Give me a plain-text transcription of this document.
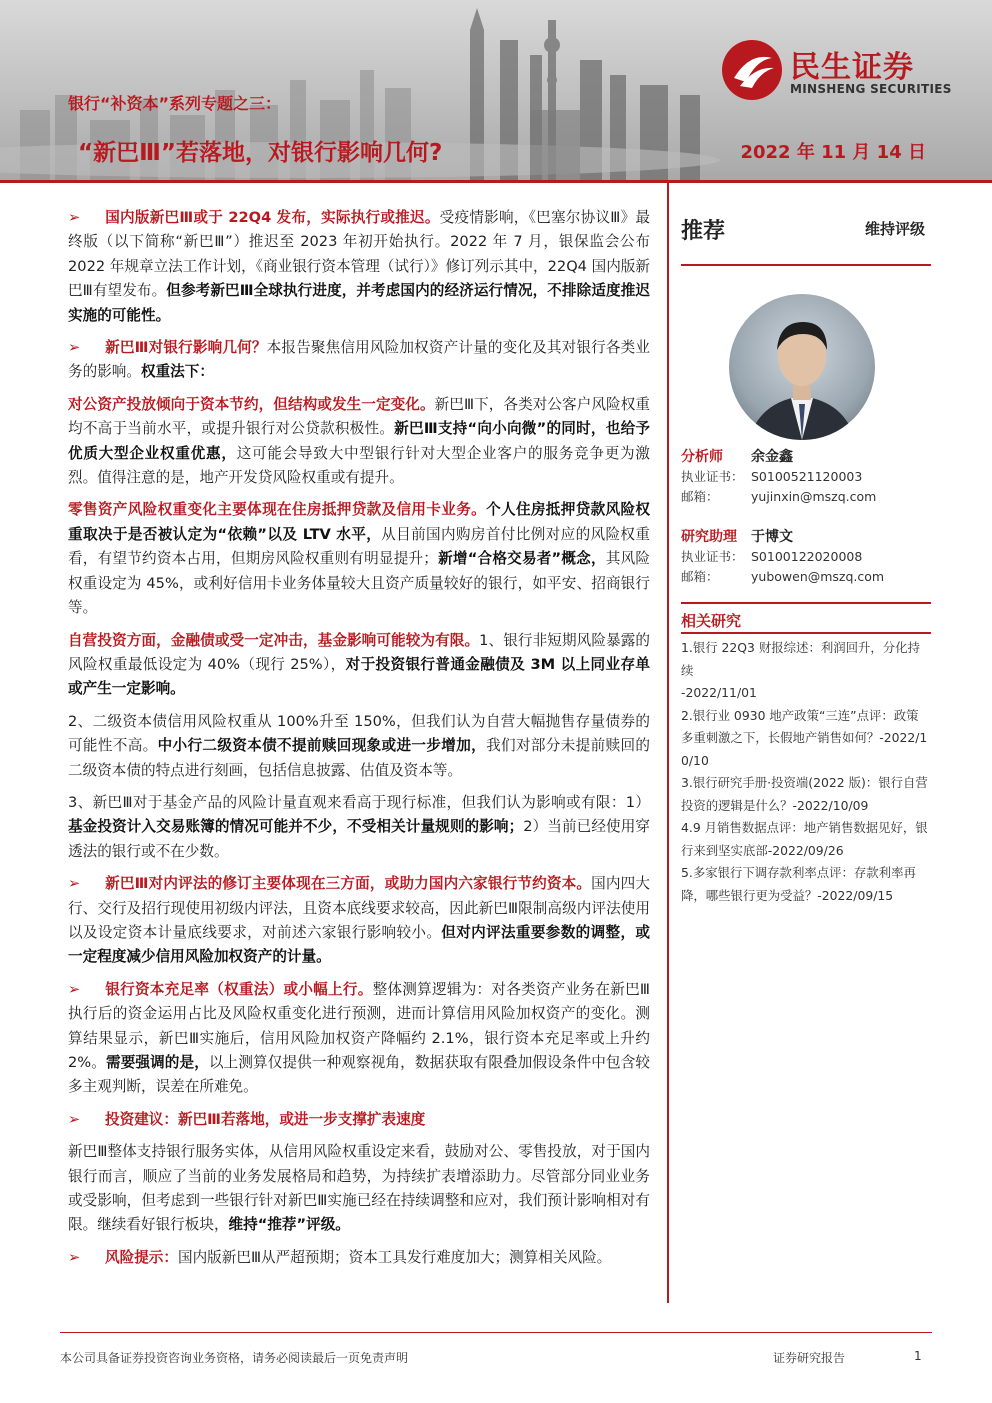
银行“补资本”系列专题之三：
“新巴Ⅲ”若落地，对银行影响几何?	2022 年 11 月 14 日
民生证券
MINSHENG SECURITIES

➢ 国内版新巴Ⅲ或于 22Q4 发布，实际执行或推迟。受疫情影响，《巴塞尔协议Ⅲ》最终版（以下简称“新巴Ⅲ”）推迟至 2023 年初开始执行。2022 年 7 月，银保监会公布 2022 年规章立法工作计划，《商业银行资本管理（试行）》修订列示其中，22Q4 国内版新巴Ⅲ有望发布。但参考新巴Ⅲ全球执行进度，并考虑国内的经济运行情况，不排除适度推迟实施的可能性。

➢ 新巴Ⅲ对银行影响几何？本报告聚焦信用风险加权资产计量的变化及其对银行各类业务的影响。权重法下：

对公资产投放倾向于资本节约，但结构或发生一定变化。新巴Ⅲ下，各类对公客户风险权重均不高于当前水平，或提升银行对公贷款积极性。新巴Ⅲ支持“向小向微”的同时，也给予优质大型企业权重优惠，这可能会导致大中型银行针对大型企业客户的服务竞争更为激烈。值得注意的是，地产开发贷风险权重或有提升。

零售资产风险权重变化主要体现在住房抵押贷款及信用卡业务。个人住房抵押贷款风险权重取决于是否被认定为“依赖”以及 LTV 水平，从目前国内购房首付比例对应的风险权重看，有望节约资本占用，但期房风险权重则有明显提升；新增“合格交易者”概念，其风险权重设定为 45%，或利好信用卡业务体量较大且资产质量较好的银行，如平安、招商银行等。

自营投资方面，金融债或受一定冲击，基金影响可能较为有限。1、银行非短期风险暴露的风险权重最低设定为 40%（现行 25%），对于投资银行普通金融债及 3M 以上同业存单或产生一定影响。

2、二级资本债信用风险权重从 100%升至 150%，但我们认为自营大幅抛售存量债券的可能性不高。中小行二级资本债不提前赎回现象或进一步增加，我们对部分未提前赎回的二级资本债的特点进行刻画，包括信息披露、估值及资本等。

3、新巴Ⅲ对于基金产品的风险计量直观来看高于现行标准，但我们认为影响或有限：1）基金投资计入交易账簿的情况可能并不少，不受相关计量规则的影响；2）当前已经使用穿透法的银行或不在少数。

➢ 新巴Ⅲ对内评法的修订主要体现在三方面，或助力国内六家银行节约资本。国内四大行、交行及招行现使用初级内评法，且资本底线要求较高，因此新巴Ⅲ限制高级内评法使用以及设定资本计量底线要求，对前述六家银行影响较小。但对内评法重要参数的调整，或一定程度减少信用风险加权资产的计量。

➢ 银行资本充足率（权重法）或小幅上行。整体测算逻辑为：对各类资产业务在新巴Ⅲ执行后的资金运用占比及风险权重变化进行预测，进而计算信用风险加权资产的变化。测算结果显示，新巴Ⅲ实施后，信用风险加权资产降幅约 2.1%，银行资本充足率或上升约 2%。需要强调的是，以上测算仅提供一种观察视角，数据获取有限叠加假设条件中包含较多主观判断，误差在所难免。

➢ 投资建议：新巴Ⅲ若落地，或进一步支撑扩表速度

新巴Ⅲ整体支持银行服务实体，从信用风险权重设定来看，鼓励对公、零售投放，对于国内银行而言，顺应了当前的业务发展格局和趋势，为持续扩表增添助力。尽管部分同业业务或受影响，但考虑到一些银行针对新巴Ⅲ实施已经在持续调整和应对，我们预计影响相对有限。继续看好银行板块，维持“推荐”评级。

➢ 风险提示：国内版新巴Ⅲ从严超预期；资本工具发行难度加大；测算相关风险。

推荐	维持评级
分析师 余金鑫
执业证书： S0100521120003
邮箱：	yujinxin@mszq.com
研究助理 于博文
执业证书： S0100122020008
邮箱：	yubowen@mszq.com
相关研究
1.银行 22Q3 财报综述：利润回升，分化持续
-2022/11/01
2.银行业 0930 地产政策“三连”点评：政策
多重刺激之下，长假地产销售如何？-2022/1
0/10
3.银行研究手册·投资端(2022 版)：银行自营
投资的逻辑是什么？-2022/10/09
4.9 月销售数据点评：地产销售数据见好，银
行来到坚实底部-2022/09/26
5.多家银行下调存款利率点评：存款利率再
降，哪些银行更为受益？-2022/09/15
本公司具备证券投资咨询业务资格，请务必阅读最后一页免责声明	证券研究报告	1
